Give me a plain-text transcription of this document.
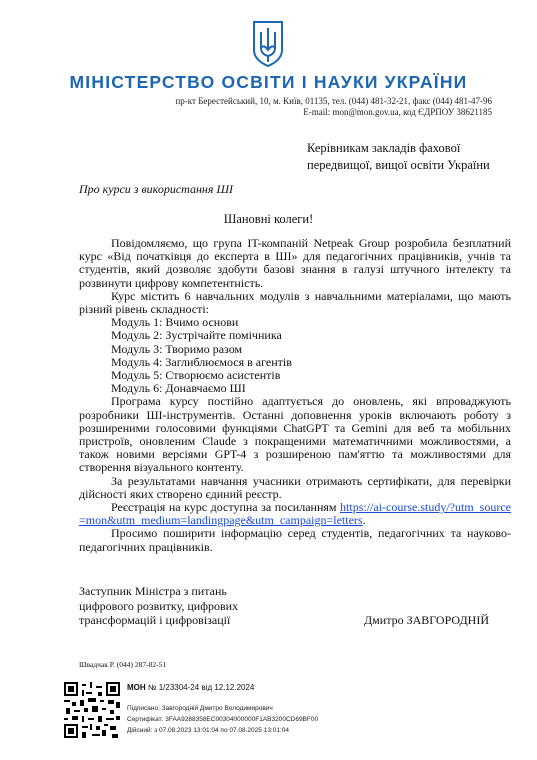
МІНІСТЕРСТВО ОСВІТИ І НАУКИ УКРАЇНИ
пр-кт Берестейський, 10, м. Київ, 01135, тел. (044) 481-32-21, факс (044) 481-47-96
E-mail: mon@mon.gov.ua, код ЄДРПОУ 38621185
Керівникам закладів фахової
передвищої, вищої освіти України
Про курси з використання ШІ
Шановні колеги!

Повідомляємо, що група IT-компаній Netpeak Group розробила безплатний курс «Від початківця до експерта в ШІ» для педагогічних працівників, учнів та студентів, який дозволяє здобути базові знання в галузі штучного інтелекту та розвинути цифрову компетентність.

Курс містить 6 навчальних модулів з навчальними матеріалами, що мають різний рівень складності:

Модуль 1: Вчимо основи

Модуль 2: Зустрічайте помічника

Модуль 3: Творимо разом

Модуль 4: Заглиблюємося в агентів

Модуль 5: Створюємо асистентів

Модуль 6: Донавчаємо ШІ

Програма курсу постійно адаптується до оновлень, які впроваджують розробники ШІ-інструментів. Останні доповнення уроків включають роботу з розширеними голосовими функціями ChatGPT та Gemini для веб та мобільних пристроїв, оновленим Claude з покращеними математичними можливостями, а також новими версіями GPT-4 з розширеною пам'яттю та можливостями для створення візуального контенту.

За результатами навчання учасники отримають сертифікати, для перевірки дійсності яких створено єдиний реєстр.

Реєстрація на курс доступна за посиланням https://ai-course.study/?utm_source=mon&utm_medium=landingpage&utm_campaign=letters.

Просимо поширити інформацію серед студентів, педагогічних та науково-педагогічних працівників.

Заступник Міністра з питань
цифрового розвитку, цифрових
трансформацій і цифровізації	Дмитро ЗАВГОРОДНІЙ
Швадчак Р. (044) 287-82-51
МОН № 1/23304-24 від 12.12.2024
Підписано: Завгородній Дмитро Володимирович
Сертифікат: 3FAA9288358EC00304000000F1AB3200CD69BF00
Дійсний: з 07.08.2023 13:01:04 по 07.08.2025 13:01:04
